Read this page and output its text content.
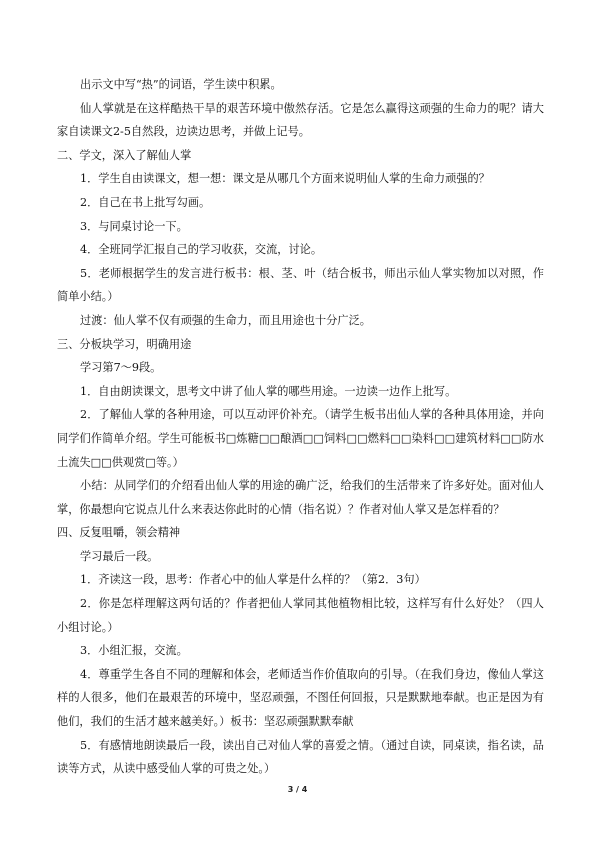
出示文中写“热”的词语，学生读中积累。

仙人掌就是在这样酷热干旱的艰苦环境中傲然存活。它是怎么赢得这顽强的生命力的呢？请大家自读课文2-5自然段，边读边思考，并做上记号。

二、学文，深入了解仙人掌

1．学生自由读课文，想一想：课文是从哪几个方面来说明仙人掌的生命力顽强的？

2．自己在书上批写勾画。

3．与同桌讨论一下。

4．全班同学汇报自己的学习收获，交流，讨论。

5．老师根据学生的发言进行板书：根、茎、叶（结合板书，师出示仙人掌实物加以对照，作简单小结。）

过渡：仙人掌不仅有顽强的生命力，而且用途也十分广泛。

三、分板块学习，明确用途

学习第7～9段。

1．自由朗读课文，思考文中讲了仙人掌的哪些用途。一边读一边作上批写。

2．了解仙人掌的各种用途，可以互动评价补充。（请学生板书出仙人掌的各种具体用途，并向同学们作简单介绍。学生可能板书□炼糖□□酿酒□□饲料□□燃料□□染料□□建筑材料□□防水土流失□□供观赏□等。）

小结：从同学们的介绍看出仙人掌的用途的确广泛，给我们的生活带来了许多好处。面对仙人掌，你最想向它说点儿什么来表达你此时的心情（指名说）？作者对仙人掌又是怎样看的？

四、反复咀嚼，领会精神

学习最后一段。

1．齐读这一段，思考：作者心中的仙人掌是什么样的？（第2．3句）

2．你是怎样理解这两句话的？作者把仙人掌同其他植物相比较，这样写有什么好处？（四人小组讨论。）

3．小组汇报，交流。

4．尊重学生各自不同的理解和体会，老师适当作价值取向的引导。（在我们身边，像仙人掌这样的人很多，他们在最艰苦的环境中，坚忍顽强，不图任何回报，只是默默地奉献。也正是因为有他们，我们的生活才越来越美好。）板书：坚忍顽强默默奉献

5．有感情地朗读最后一段，读出自己对仙人掌的喜爱之情。（通过自读，同桌读，指名读，品读等方式，从读中感受仙人掌的可贵之处。）

3 / 4
